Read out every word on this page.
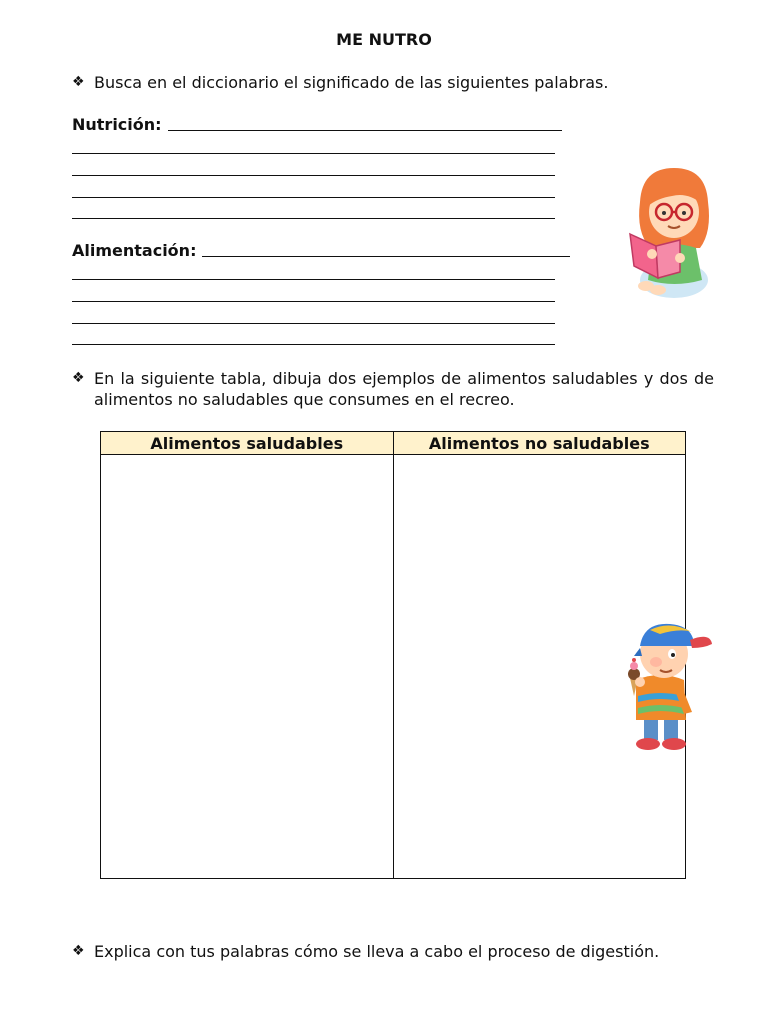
ME NUTRO
❖ Busca en el diccionario el significado de las siguientes palabras.
Nutrición:
Alimentación:
❖ En la siguiente tabla, dibuja dos ejemplos de alimentos saludables y dos de alimentos no saludables que consumes en el recreo.
Alimentos saludables	Alimentos no saludables

❖ Explica con tus palabras cómo se lleva a cabo el proceso de digestión.
